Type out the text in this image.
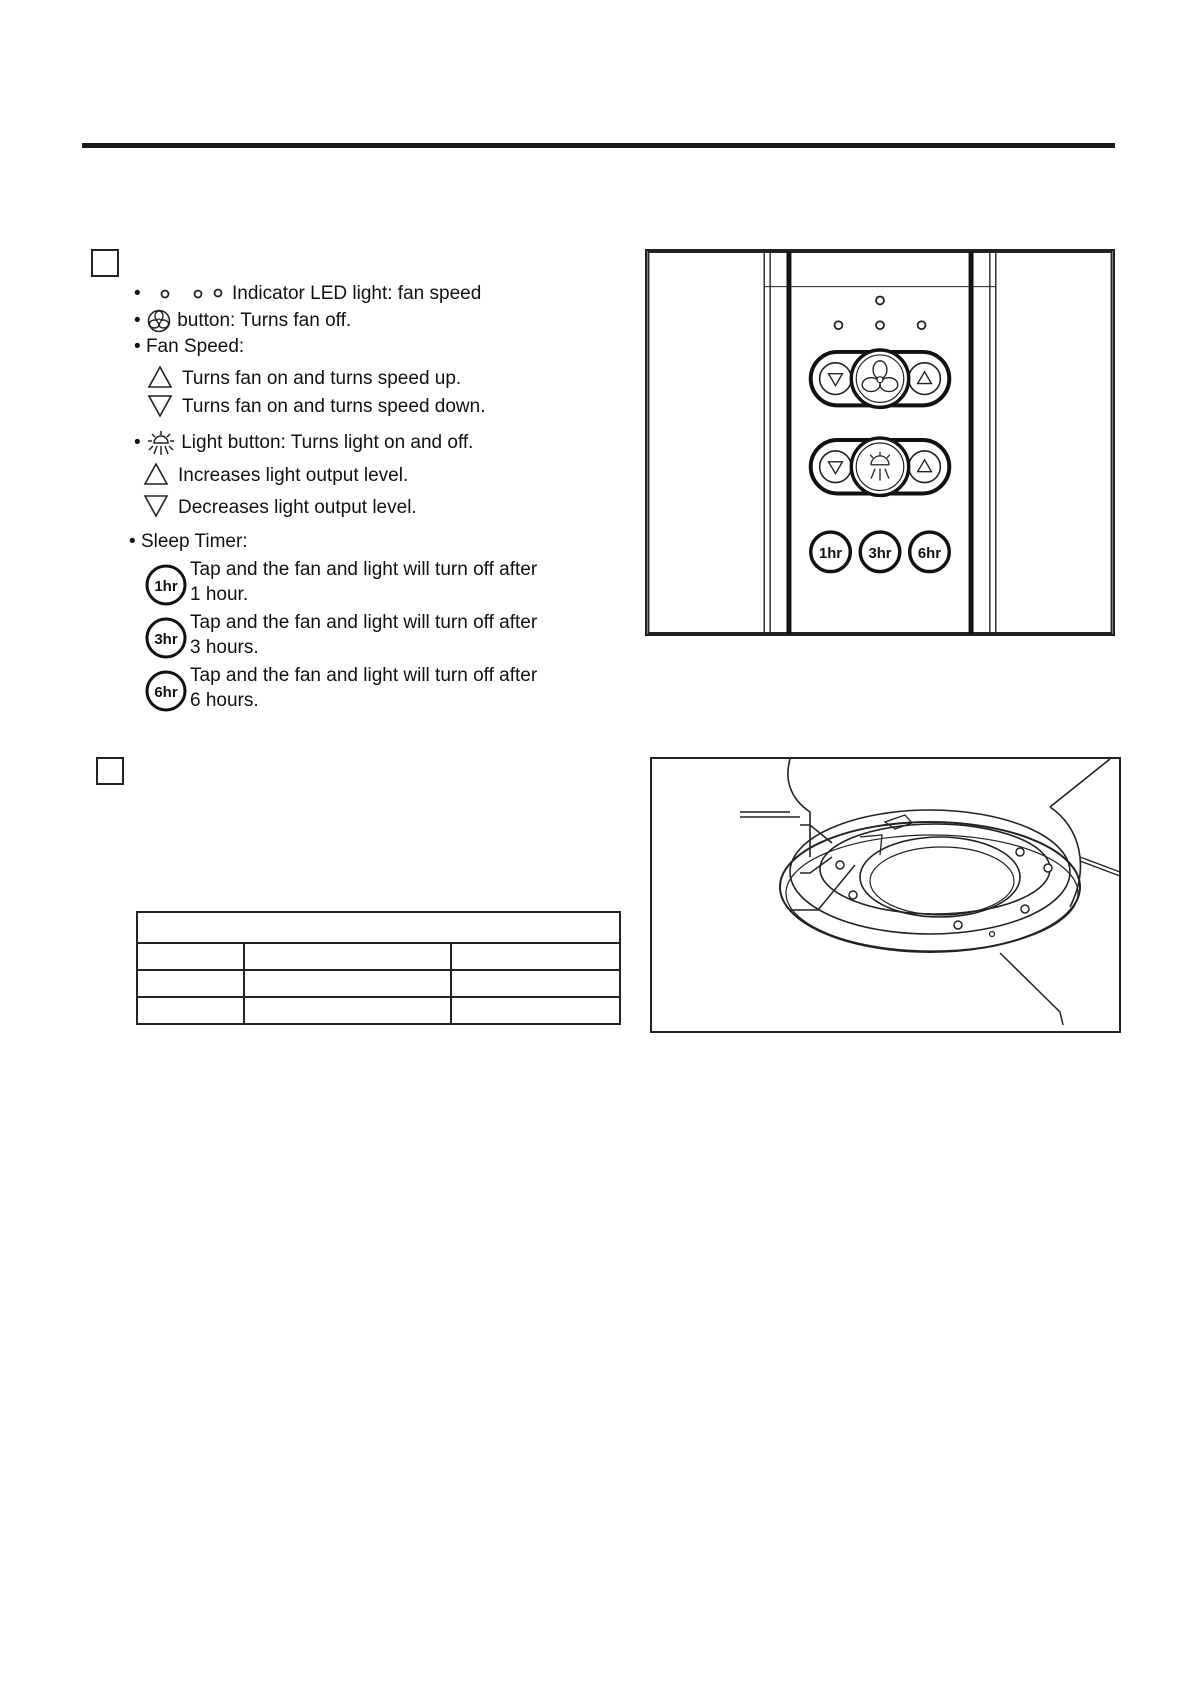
•	Indicator LED light: fan speed
• button: Turns fan off.
• Fan Speed:
Turns fan on and turns speed up.
Turns fan on and turns speed down.
• Light button: Turns light on and off.
Increases light output level.
Decreases light output level.
• Sleep Timer:
1hr
Tap and the fan and light will turn off after
1 hour.
3hr
Tap and the fan and light will turn off after
3 hours.
6hr
Tap and the fan and light will turn off after
6 hours.
1hr 3hr 6hr
